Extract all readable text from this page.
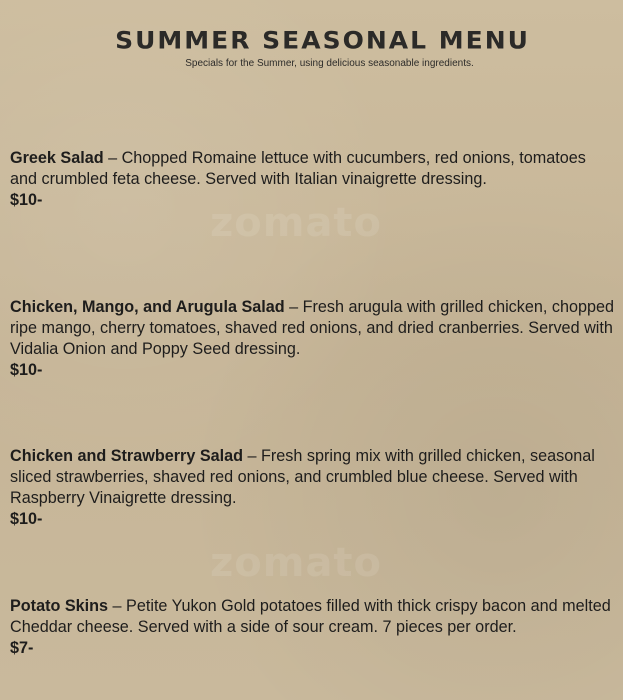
zomato
zomato
SUMMER SEASONAL MENU
Specials for the Summer, using delicious seasonable ingredients.
Greek Salad – Chopped Romaine lettuce with cucumbers, red onions, tomatoes and crumbled feta cheese. Served with Italian vinaigrette dressing.
$10-
Chicken, Mango, and Arugula Salad – Fresh arugula with grilled chicken, chopped ripe mango, cherry tomatoes, shaved red onions, and dried cranberries. Served with Vidalia Onion and Poppy Seed dressing.
$10-
Chicken and Strawberry Salad – Fresh spring mix with grilled chicken, seasonal sliced strawberries, shaved red onions, and crumbled blue cheese. Served with Raspberry Vinaigrette dressing.
$10-
Potato Skins – Petite Yukon Gold potatoes filled with thick crispy bacon and melted Cheddar cheese. Served with a side of sour cream. 7 pieces per order.
$7-
